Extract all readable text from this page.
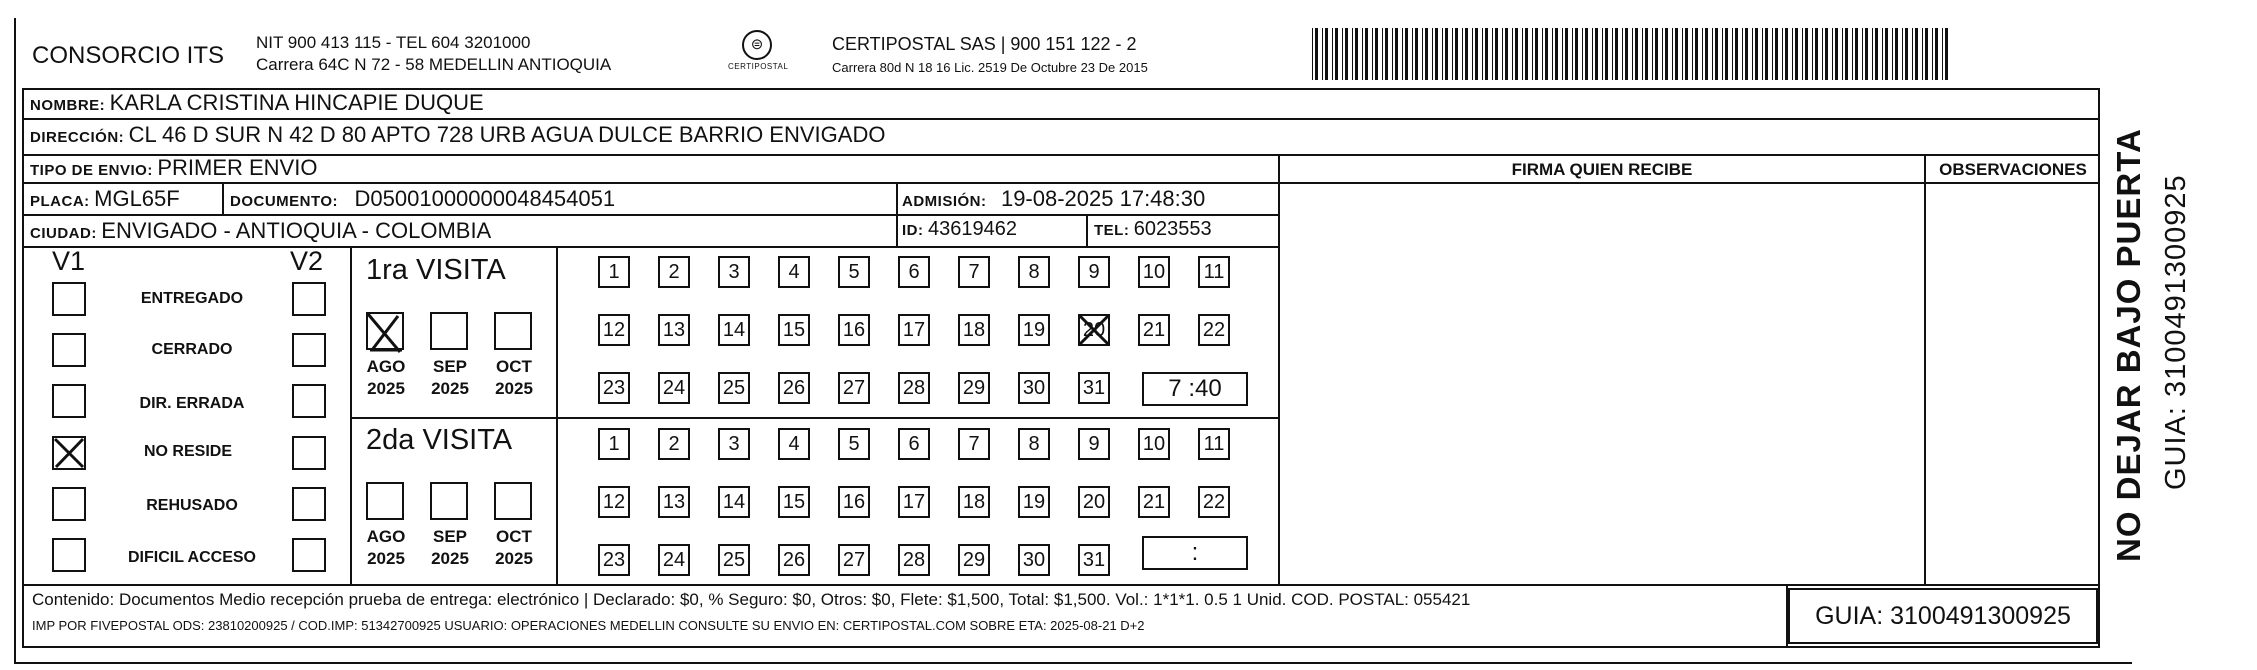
CONSORCIO ITS NIT 900 413 115 - TEL 604 3201000
Carrera 64C N 72 - 58 MEDELLIN ANTIOQUIA
⊜
CERTIPOSTAL
CERTIPOSTAL SAS | 900 151 122 - 2
Carrera 80d N 18 16 Lic. 2519 De Octubre 23 De 2015
NOMBRE: KARLA CRISTINA HINCAPIE DUQUE
DIRECCIÓN: CL 46 D SUR N 42 D 80 APTO 728 URB AGUA DULCE BARRIO ENVIGADO
TIPO DE ENVIO: PRIMER ENVIO	FIRMA QUIEN RECIBE	OBSERVACIONES
PLACA: MGL65F	DOCUMENTO: D05001000000048454051	ADMISIÓN: 19-08-2025 17:48:30
CIUDAD: ENVIGADO - ANTIOQUIA - COLOMBIA	ID: 43619462	TEL: 6023553
V1	V2
ENTREGADO
CERRADO
DIR. ERRADA
NO RESIDE
REHUSADO
DIFICIL ACCESO
1ra VISITA
AGO
2025
SEP
2025
OCT
2025
1	2	3	4	5	6	7	8	9	10 11
12 13 14 15 16 17 18 19 20 21 22
23 24 25 26 27 28 29 30 31	7 :40
2da VISITA
AGO
2025
SEP
2025
OCT
2025
1	2	3	4	5	6	7	8	9	10 11
12 13 14 15 16 17 18 19 20 21 22
23 24 25 26 27 28 29 30 31	:
Contenido: Documentos Medio recepción prueba de entrega: electrónico | Declarado: $0, % Seguro: $0, Otros: $0, Flete: $1,500, Total: $1,500. Vol.: 1*1*1. 0.5 1 Unid. COD. POSTAL: 055421
IMP POR FIVEPOSTAL ODS: 23810200925 / COD.IMP: 51342700925 USUARIO: OPERACIONES MEDELLIN CONSULTE SU ENVIO EN: CERTIPOSTAL.COM SOBRE ETA: 2025-08-21 D+2	GUIA: 3100491300925
NO DEJAR BAJO PUERTA GUIA: 3100491300925
